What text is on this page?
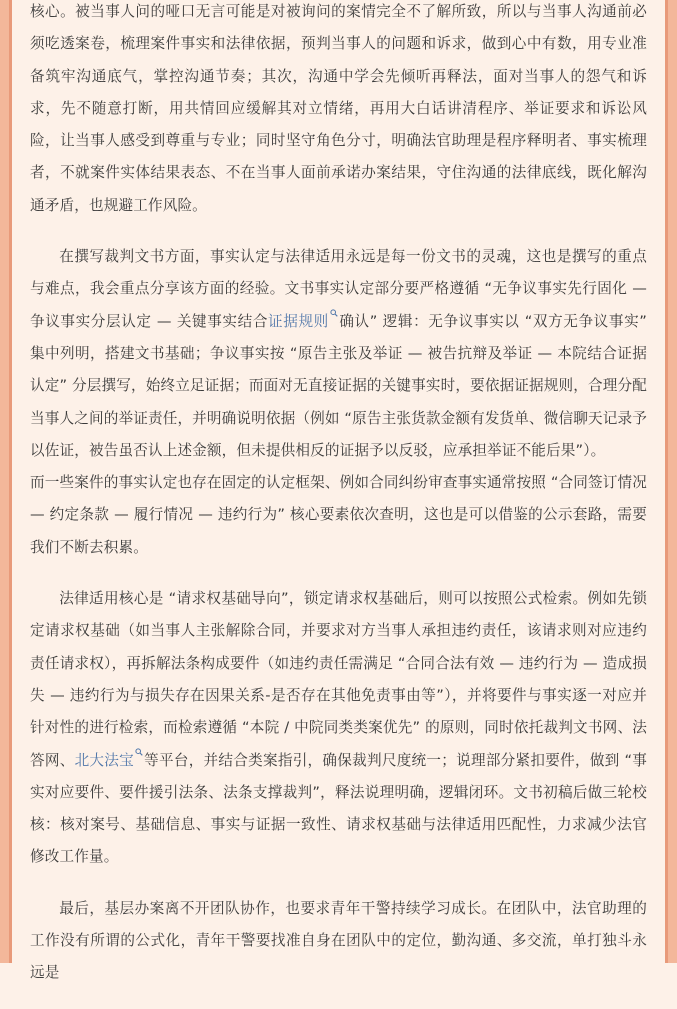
核心。被当事人问的哑口无言可能是对被询问的案情完全不了解所致，所以与当事人沟通前必须吃透案卷，梳理案件事实和法律依据，预判当事人的问题和诉求，做到心中有数，用专业准备筑牢沟通底气，掌控沟通节奏；其次，沟通中学会先倾听再释法，面对当事人的怨气和诉求，先不随意打断，用共情回应缓解其对立情绪，再用大白话讲清程序、举证要求和诉讼风险，让当事人感受到尊重与专业；同时坚守角色分寸，明确法官助理是程序释明者、事实梳理者，不就案件实体结果表态、不在当事人面前承诺办案结果，守住沟通的法律底线，既化解沟通矛盾，也规避工作风险。

在撰写裁判文书方面，事实认定与法律适用永远是每一份文书的灵魂，这也是撰写的重点与难点，我会重点分享该方面的经验。文书事实认定部分要严格遵循 “无争议事实先行固化 — 争议事实分层认定 — 关键事实结合证据规则 确认” 逻辑：无争议事实以 “双方无争议事实” 集中列明，搭建文书基础；争议事实按 “原告主张及举证 — 被告抗辩及举证 — 本院结合证据认定” 分层撰写，始终立足证据；而面对无直接证据的关键事实时，要依据证据规则，合理分配当事人之间的举证责任，并明确说明依据（例如 “原告主张货款金额有发货单、微信聊天记录予以佐证，被告虽否认上述金额，但未提供相反的证据予以反驳，应承担举证不能后果”）。
而一些案件的事实认定也存在固定的认定框架、例如合同纠纷审查事实通常按照 “合同签订情况 — 约定条款 — 履行情况 — 违约行为” 核心要素依次查明，这也是可以借鉴的公示套路，需要我们不断去积累。

法律适用核心是 “请求权基础导向”，锁定请求权基础后，则可以按照公式检索。例如先锁定请求权基础（如当事人主张解除合同，并要求对方当事人承担违约责任，该请求则对应违约责任请求权），再拆解法条构成要件（如违约责任需满足 “合同合法有效 — 违约行为 — 造成损失 — 违约行为与损失存在因果关系-是否存在其他免责事由等”），并将要件与事实逐一对应并针对性的进行检索，而检索遵循 “本院 / 中院同类类案优先” 的原则，同时依托裁判文书网、法答网、北大法宝 等平台，并结合类案指引，确保裁判尺度统一；说理部分紧扣要件，做到 “事实对应要件、要件援引法条、法条支撑裁判”，释法说理明确，逻辑闭环。文书初稿后做三轮校核：核对案号、基础信息、事实与证据一致性、请求权基础与法律适用匹配性，力求减少法官修改工作量。

最后，基层办案离不开团队协作，也要求青年干警持续学习成长。在团队中，法官助理的工作没有所谓的公式化，青年干警要找准自身在团队中的定位，勤沟通、多交流，单打独斗永远是
